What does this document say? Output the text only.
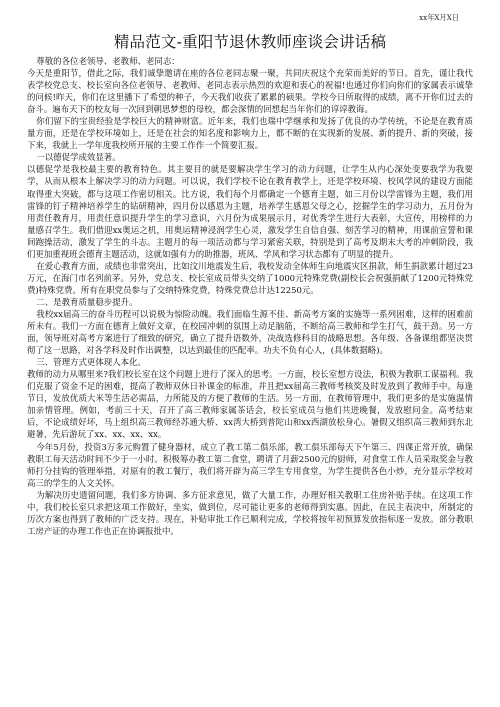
xx年X月X日
精品范文-重阳节退休教师座谈会讲话稿

尊敬的各位老领导、老教师、老同志：

今天是重阳节，借此之际，我们诚挚邀请在座的各位老同志聚一聚，共同庆祝这个充荣而美好的节日。首先，谨让我代表学校党总支、校长室向各位老领导、老教师、老同志表示热烈的欢迎和衷心的祝福!也通过你们向你们的家属表示诚挚的问候!昨天，你们在这里播下了希望的种子，今天我们收获了累累的硕果。学校今日所取得的成绩，离不开你们过去的奋斗。遍布天下的校友每一次回到朝思梦想的母校，都会深情的回想起当年你们的谆谆教诲。

你们留下的宝贵经验是学校巨大的精神财富。近年来，我们也瑞中学继承和发扬了优良的办学传统，不论是在教育质量方面，还是在学校环境如上，还是在社会的知名度和影响力上，都不断的在实现新的发展、新的提升、新的突破，接下来，我就上一学年度我校所开展的主要工作作一个简要汇报。

一以德促学成效显著。

以德促学是我校最主要的教育特色。其主要目的就是要解决学生学习的动力问题，让学生从内心深处变要我学为我要学，从而从根本上解决学习的动力问题。可以说，我们学校不论在教育教学上，还是学校环境、校风学风的建设方面能取得重大突破，都与这项工作密切相关。比方说，我们每个月都确定一个德育主题，如三月份以学雷锋为主题，我们用雷锋的钉子精神培养学生的钻研精神，四月份以感恩为主题，培养学生感恩父母之心，挖掘学生的学习动力，五月份为用责任教育月，用责任意识提升学生的学习意识，六月份为成果展示月，对优秀学生进行大表彰，大宣传，用榜样的力量感召学生。我们借迎xx奥运之机，用奥运精神浸润学生心灵，激发学生自信自强、刻苦学习的精神，用课前宣誓和课间跑操活动，激发了学生的斗志。主题月的每一项活动都与学习紧密关联，特别是到了高考及期末大考的冲刺阶段，我们更加重视班会德育主题活动，这就如强有力的助推器，班风、学风和学习状态都有了明显的提升。

在爱心教育方面，成绩也非常突出，比如汶川地震发生后，我校发动全体师生向地震灾区捐款，师生捐款累计超过23万元，在海门市名列前茅。另外，党总支、校长室成员带头交纳了1000元特殊党费(副校长会祝强捐献了1200元特殊党费)特殊党费。所有在职党员参与了交纳特殊党费，特殊党费总计达12250元。

二、是教育质量稳步提升。

我校xx届高三的奋斗历程可以说极为惊险动魄。我们面临生源不佳、新高考方案的实施等一系列困难，这样的困难前所未有。我们一方面在德育上做好文章，在校园冲刺的氛围上动足脑筋，不断给高三教师和学生打气，鼓干劲。另一方面，领导班对高考方案进行了细致的研究，确立了提升语数外，决战选修科目的战略思想。各年级、各备课组都坚决贯彻了这一思路，对各学科及时作出调整，以达到最佳的匹配率。功夫不负有心人，(具体数据略)。

三、管理方式更体现人本化。

教师的动力从哪里来?我们校长室在这个问题上进行了深入的思考。一方面，校长室想方设法，积极为教职工谋福利。我们克服了资金不足的困难，提高了教师双休日补课金的标准，并且把xx届高三教师考核奖及时发放到了教师手中。每逢节日，发放优质大米等生活必需品，力所能及的方便了教师的生活。另一方面，在教师管理中，我们更多的是实施温情加亲情管理。例如，考前三十天，召开了高三教师家属茶话会，校长室成员与他们共进晚餐，发放慰问金。高考结束后，不论成绩好坏，马上组织高三教师经苏通大桥、xx湾大桥到普陀山和xx西湖放松身心。暑假又组织高三教师到东北避暑，先后游玩了xx、xx、xx、xx。

今年5月份，投资3万多元购置了健身器材，成立了教工第二俱乐部，教工俱乐部每天下午第三、四课正常开放，确保教职工每天活动时间不少于一小时。积极筹办教工第二食堂，聘请了月薪2500元的厨师，对食堂工作人员采取奖金与教师打分挂钩的管理举措，对原有的教工餐厅，我们将开辟为高三学生专用食堂，为学生提供各色小炒，充分显示学校对高三的学生的人文关怀。

为解决历史遗留问题，我们多方协调、多方征求意见，做了大量工作，办理好相关教职工住房补贴手续。在这项工作中，我们校长室只求把这项工作做好，坐实，做到位，尽可能让更多的老师得到实惠。因此，在民主表决中，所制定的历次方案也得到了教师的广泛支持。现在，补贴审批工作已顺利完成，学校将按年初预算发放指标逐一发放。部分教职工房产证的办理工作也正在协调报批中。
